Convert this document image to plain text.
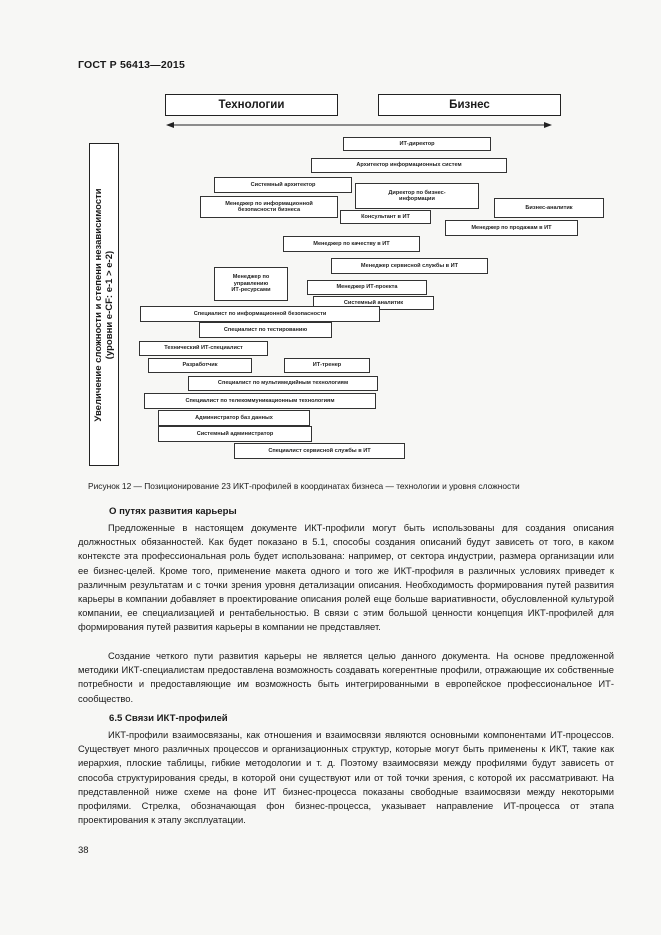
ГОСТ Р 56413—2015
Технологии	Бизнес
Увеличение сложности и степени независимости (уровни e-CF: e-1 > e-2)
ИТ-директор
Архитектор информационных систем
Системный архитектор
Директор по бизнес-
информации
Менеджер по информационной
безопасности бизнеса
Консультант в ИТ
Бизнес-аналитик
Менеджер по продажам в ИТ
Менеджер по качеству в ИТ
Менеджер сервисной службы в ИТ
Менеджер по
управлению
ИТ-ресурсами	Менеджер ИТ-проекта
Системный аналитик
Специалист по информационной безопасности
Специалист по тестированию
Технический ИТ-специалист
Разработчик	ИТ-тренер
Специалист по мультимедийным технологиям
Специалист по телекоммуникационным технологиям
Администратор баз данных
Системный администратор
Специалист сервисной службы в ИТ
Рисунок 12 — Позиционирование 23 ИКТ-профилей в координатах бизнеса — технологии и уровня сложности
О путях развития карьеры
Предложенные в настоящем документе ИКТ-профили могут быть использованы для создания описания должностных обязанностей. Как будет показано в 5.1, способы создания описаний будут зависеть от того, в каком контексте эта профессиональная роль будет использована: например, от сектора индустрии, размера организации или ее бизнес-целей. Кроме того, применение макета одного и того же ИКТ-профиля в различных условиях приведет к различным результатам и с точки зрения уровня детализации описания. Необходимость формирования путей развития карьеры в компании добавляет в проектирование описания ролей еще больше вариативности, обусловленной культурой компании, ее специализацией и рентабельностью. В связи с этим большой ценности концепция ИКТ-профилей для формирования путей развития карьеры в компании не представляет.
Создание четкого пути развития карьеры не является целью данного документа. На основе предложенной методики ИКТ-специалистам предоставлена возможность создавать когерентные профили, отражающие их собственные потребности и предоставляющие им возможность быть интегрированными в европейское профессиональное ИТ-сообщество.
6.5 Связи ИКТ-профилей
ИКТ-профили взаимосвязаны, как отношения и взаимосвязи являются основными компонентами ИТ-процессов. Существует много различных процессов и организационных структур, которые могут быть применены к ИКТ, такие как иерархия, плоские таблицы, гибкие методологии и т. д. Поэтому взаимосвязи между профилями будут зависеть от способа структурирования среды, в которой они существуют или от той точки зрения, с которой их рассматривают. На представленной ниже схеме на фоне ИТ бизнес-процесса показаны свободные взаимосвязи между некоторыми профилями. Стрелка, обозначающая фон бизнес-процесса, указывает направление ИТ-процесса от этапа проектирования к этапу эксплуатации.
38
